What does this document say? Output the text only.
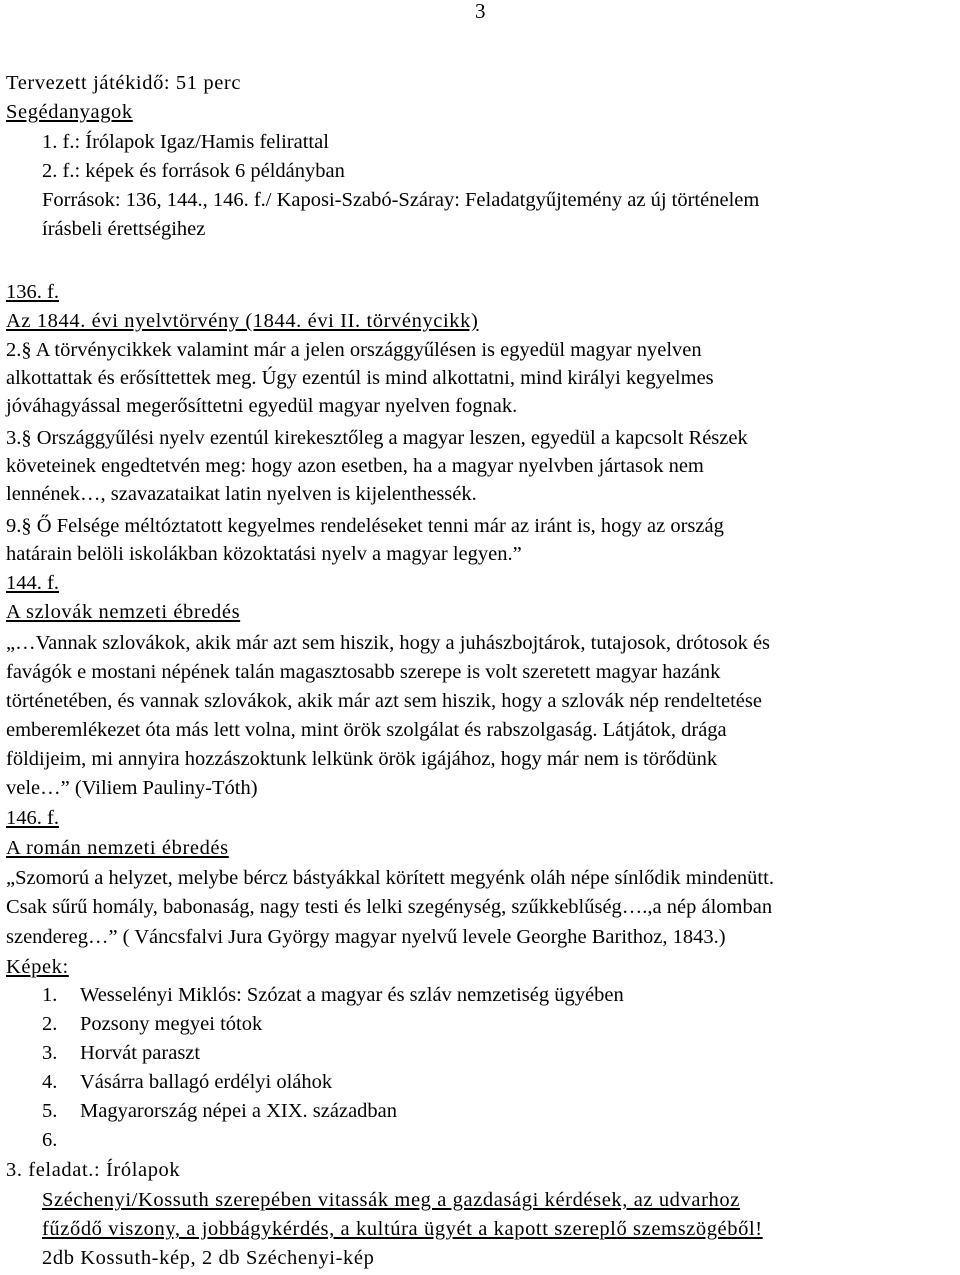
3
Tervezett játékidő: 51 perc
Segédanyagok
1. f.: Írólapok Igaz/Hamis felirattal
2. f.: képek és források 6 példányban
Források: 136, 144., 146. f./ Kaposi-Szabó-Száray: Feladatgyűjtemény az új történelem
írásbeli érettségihez
136. f.
Az 1844. évi nyelvtörvény (1844. évi II. törvénycikk)
2.§ A törvénycikkek valamint már a jelen országgyűlésen is egyedül magyar nyelven
alkottattak és erősíttettek meg. Úgy ezentúl is mind alkottatni, mind királyi kegyelmes
jóváhagyással megerősíttetni egyedül magyar nyelven fognak.
3.§ Országgyűlési nyelv ezentúl kirekesztőleg a magyar leszen, egyedül a kapcsolt Részek
követeinek engedtetvén meg: hogy azon esetben, ha a magyar nyelvben jártasok nem
lennének…, szavazataikat latin nyelven is kijelenthessék.
9.§ Ő Felsége méltóztatott kegyelmes rendeléseket tenni már az iránt is, hogy az ország
határain belöli iskolákban közoktatási nyelv a magyar legyen.”
144. f.
A szlovák nemzeti ébredés
„…Vannak szlovákok, akik már azt sem hiszik, hogy a juhászbojtárok, tutajosok, drótosok és
favágók e mostani népének talán magasztosabb szerepe is volt szeretett magyar hazánk
történetében, és vannak szlovákok, akik már azt sem hiszik, hogy a szlovák nép rendeltetése
emberemlékezet óta más lett volna, mint örök szolgálat és rabszolgaság. Látjátok, drága
földijeim, mi annyira hozzászoktunk lelkünk örök igájához, hogy már nem is törődünk
vele…” (Viliem Pauliny-Tóth)
146. f.
A román nemzeti ébredés
„Szomorú a helyzet, melybe bércz bástyákkal körített megyénk oláh népe sínlődik mindenütt.
Csak sűrű homály, babonaság, nagy testi és lelki szegénység, szűkkeblűség….,a nép álomban
szendereg…” ( Váncsfalvi Jura György magyar nyelvű levele Georghe Barithoz, 1843.)
Képek:
1. Wesselényi Miklós: Szózat a magyar és szláv nemzetiség ügyében
2. Pozsony megyei tótok
3. Horvát paraszt
4. Vásárra ballagó erdélyi oláhok
5. Magyarország népei a XIX. században
6.
3. feladat.: Írólapok
Széchenyi/Kossuth szerepében vitassák meg a gazdasági kérdések, az udvarhoz
fűződő viszony, a jobbágykérdés, a kultúra ügyét a kapott szereplő szemszögéből!
2db Kossuth-kép, 2 db Széchenyi-kép
